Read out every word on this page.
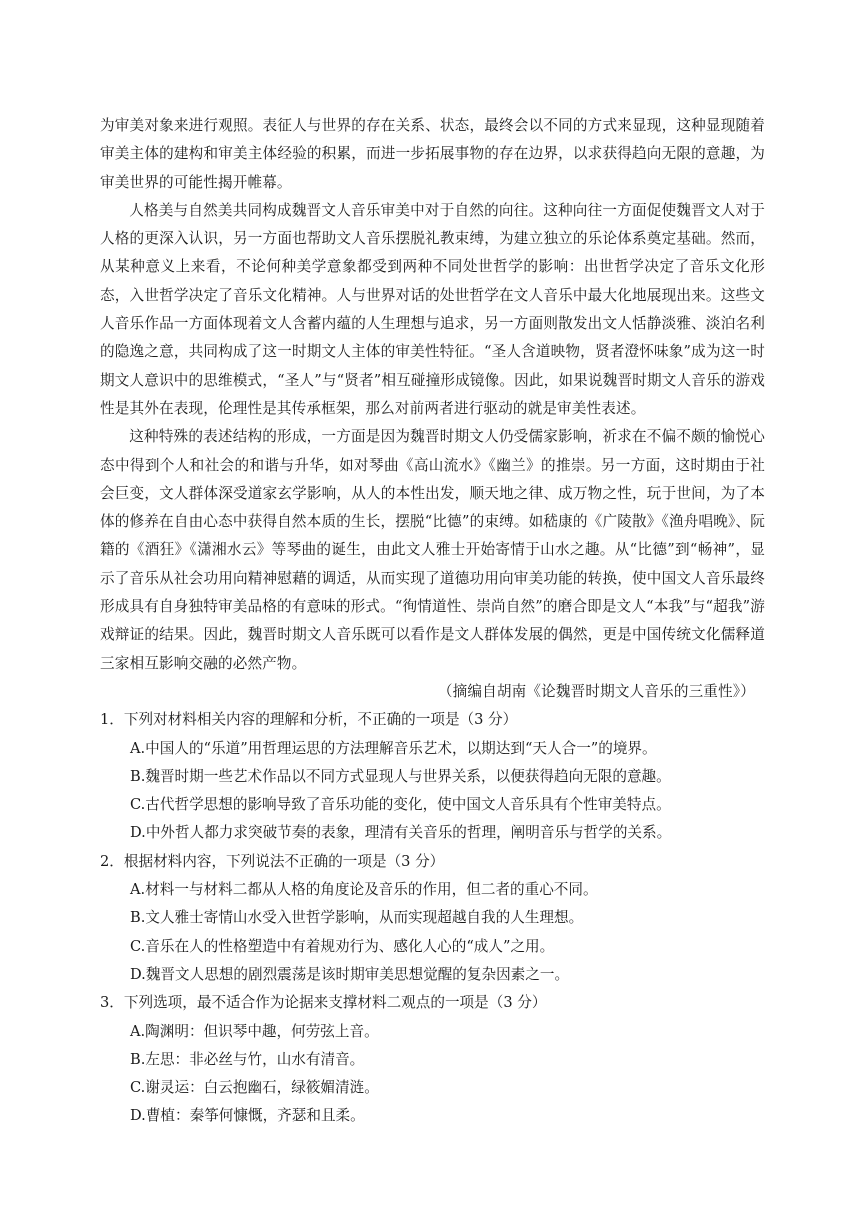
为审美对象来进行观照。表征人与世界的存在关系、状态，最终会以不同的方式来显现，这种显现随着审美主体的建构和审美主体经验的积累，而进一步拓展事物的存在边界，以求获得趋向无限的意趣，为审美世界的可能性揭开帷幕。

人格美与自然美共同构成魏晋文人音乐审美中对于自然的向往。这种向往一方面促使魏晋文人对于人格的更深入认识，另一方面也帮助文人音乐摆脱礼教束缚，为建立独立的乐论体系奠定基础。然而，从某种意义上来看，不论何种美学意象都受到两种不同处世哲学的影响：出世哲学决定了音乐文化形态，入世哲学决定了音乐文化精神。人与世界对话的处世哲学在文人音乐中最大化地展现出来。这些文人音乐作品一方面体现着文人含蓄内蕴的人生理想与追求，另一方面则散发出文人恬静淡雅、淡泊名利的隐逸之意，共同构成了这一时期文人主体的审美性特征。“圣人含道映物，贤者澄怀味象”成为这一时期文人意识中的思维模式，“圣人”与“贤者”相互碰撞形成镜像。因此，如果说魏晋时期文人音乐的游戏性是其外在表现，伦理性是其传承框架，那么对前两者进行驱动的就是审美性表述。

这种特殊的表述结构的形成，一方面是因为魏晋时期文人仍受儒家影响，祈求在不偏不颇的愉悦心态中得到个人和社会的和谐与升华，如对琴曲《高山流水》《幽兰》的推崇。另一方面，这时期由于社会巨变，文人群体深受道家玄学影响，从人的本性出发，顺天地之律、成万物之性，玩于世间，为了本体的修养在自由心态中获得自然本质的生长，摆脱“比德”的束缚。如嵇康的《广陵散》《渔舟唱晚》、阮籍的《酒狂》《潇湘水云》等琴曲的诞生，由此文人雅士开始寄情于山水之趣。从“比德”到“畅神”，显示了音乐从社会功用向精神慰藉的调适，从而实现了道德功用向审美功能的转换，使中国文人音乐最终形成具有自身独特审美品格的有意味的形式。“徇情道性、崇尚自然”的磨合即是文人“本我”与“超我”游戏辩证的结果。因此，魏晋时期文人音乐既可以看作是文人群体发展的偶然，更是中国传统文化儒释道三家相互影响交融的必然产物。

（摘编自胡南《论魏晋时期文人音乐的三重性》）

1．下列对材料相关内容的理解和分析，不正确的一项是（3 分）
A.中国人的“乐道”用哲理运思的方法理解音乐艺术，以期达到“天人合一”的境界。
B.魏晋时期一些艺术作品以不同方式显现人与世界关系，以便获得趋向无限的意趣。
C.古代哲学思想的影响导致了音乐功能的变化，使中国文人音乐具有个性审美特点。
D.中外哲人都力求突破节奏的表象，理清有关音乐的哲理，阐明音乐与哲学的关系。
2．根据材料内容，下列说法不正确的一项是（3 分）
A.材料一与材料二都从人格的角度论及音乐的作用，但二者的重心不同。
B.文人雅士寄情山水受入世哲学影响，从而实现超越自我的人生理想。
C.音乐在人的性格塑造中有着规劝行为、感化人心的“成人”之用。
D.魏晋文人思想的剧烈震荡是该时期审美思想觉醒的复杂因素之一。
3．下列选项，最不适合作为论据来支撑材料二观点的一项是（3 分）
A.陶渊明：但识琴中趣，何劳弦上音。
B.左思：非必丝与竹，山水有清音。
C.谢灵运：白云抱幽石，绿筱媚清涟。
D.曹植：秦筝何慷慨，齐瑟和且柔。
